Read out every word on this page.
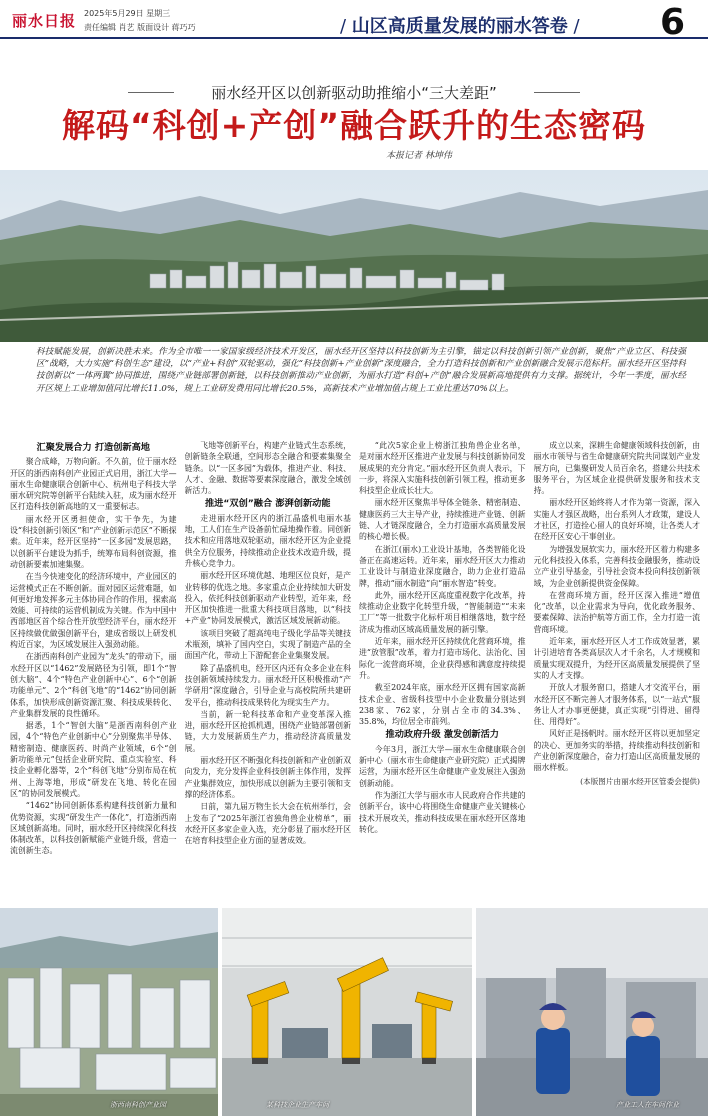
丽水日报 2025年5月29日 星期三
责任编辑 肖艺 版面设计 蒋巧巧	/ 山区高质量发展的丽水答卷 / 6
丽水经开区以创新驱动助推缩小“三大差距”
解码“科创+产创”融合跃升的生态密码
本报记者 林坤伟
科技赋能发展，创新决胜未来。作为全市唯一一家国家级经济技术开发区，丽水经开区坚持以科技创新为主引擎，锚定以科技创新引领产业创新，聚焦“产业立区、科技强区”战略，大力实施“科创生态”建设，以“产业+科创”双轮驱动，强化“科技创新+产业创新”深度融合，全力打造科技创新和产业创新融合发展示范标杆。丽水经开区坚持科技创新以“一体两翼”协同推进，围绕产业链部署创新链，以科技创新推动产业创新，为丽水打造“科创+产创”融合发展新高地提供有力支撑。据统计，今年一季度，丽水经开区规上工业增加值同比增长11.0%，规上工业研发费用同比增长20.5%，高新技术产业增加值占规上工业比重达70%以上。
汇聚发展合力 打造创新高地

聚合成峰，万物向新。不久前，位于丽水经开区的浙西南科创产业园正式启用，浙江大学—丽水生命健康联合创新中心、杭州电子科技大学丽水研究院等创新平台陆续入驻，成为丽水经开区打造科技创新高地的又一重要标志。

丽水经开区勇担使命，实干争先，为建设“科技创新引领区”和“产业创新示范区”不断探索。近年来，经开区坚持“一区多园”发展思路，以创新平台建设为抓手，统筹布局科创资源，推动创新要素加速集聚。

在当今快速变化的经济环境中，产业园区的运营模式正在不断创新。面对园区运营难题，如何更好地发挥多元主体协同合作的作用，探索高效能、可持续的运营机制成为关键。作为中国中西部地区首个综合性开放型经济平台，丽水经开区持续做优做强创新平台，建成省级以上研发机构近百家，为区域发展注入强劲动能。

在浙西南科创产业园为“龙头”的带动下，丽水经开区以“1462”发展路径为引领，即1个“智创大脑”、4个“特色产业创新中心”、6个“创新功能单元”、2个“科创飞地”的“1462”协同创新体系，加快形成创新资源汇聚、科技成果转化、产业集群发展的良性循环。

据悉，1个“智创大脑”是浙西南科创产业园，4个“特色产业创新中心”分别聚焦半导体、精密制造、健康医药、时尚产业领域，6个“创新功能单元”包括企业研究院、重点实验室、科技企业孵化器等，2个“科创飞地”分别布局在杭州、上海等地，形成“研发在飞地、转化在园区”的协同发展模式。

“1462”协同创新体系构建科技创新力量和优势资源，实现“研发生产一体化”，打造浙西南区域创新高地。同时，丽水经开区持续深化科技体制改革，以科技创新赋能产业链升级，营造一流创新生态。

飞地等创新平台，构建产业链式生态系统，创新链条全联通，空间形态全融合和要素集聚全链条。以“一区多园”为载体，推进产业、科技、人才、金融、数据等要素深度融合，激发全域创新活力。

推进“双创”融合 澎湃创新动能

走进丽水经开区内的浙江晶盛机电丽水基地，工人们在生产设备前忙碌地操作着。同创新技术和应用落地双轮驱动，丽水经开区为企业提供全方位服务，持续推动企业技术改造升级，提升核心竞争力。

丽水经开区环境优越、地理区位良好，是产业转移的优选之地。多家重点企业持续加大研发投入，依托科技创新驱动产业转型，近年来，经开区加快推进一批重大科技项目落地，以“科技+产业”协同发展模式，激活区域发展新动能。

该项目突破了超高纯电子级化学品等关键技术瓶颈，填补了国内空白，实现了制造产品的全面国产化，带动上下游配套企业集聚发展。

除了晶盛机电，经开区内还有众多企业在科技创新领域持续发力。丽水经开区积极推动“产学研用”深度融合，引导企业与高校院所共建研发平台，推动科技成果转化为现实生产力。

当前，新一轮科技革命和产业变革深入推进，丽水经开区抢抓机遇，围绕产业链部署创新链，大力发展新质生产力，推动经济高质量发展。

丽水经开区不断强化科技创新和产业创新双向发力，充分发挥企业科技创新主体作用，发挥产业集群效应，加快形成以创新为主要引领和支撑的经济体系。

日前，第九届万物生长大会在杭州举行，会上发布了“2025年浙江省独角兽企业榜单”，丽水经开区多家企业入选，充分彰显了丽水经开区在培育科技型企业方面的显著成效。

“此次5家企业上榜浙江独角兽企业名单，是对丽水经开区推进产业发展与科技创新协同发展成果的充分肯定。”丽水经开区负责人表示，下一步，将深入实施科技创新引领工程，推动更多科技型企业成长壮大。

丽水经开区聚焦半导体全链条、精密制造、健康医药三大主导产业，持续推进产业链、创新链、人才链深度融合，全力打造丽水高质量发展的核心增长极。

在浙江(丽水)工业设计基地，各类智能化设备正在高速运转。近年来，丽水经开区大力推动工业设计与制造业深度融合，助力企业打造品牌，推动“丽水制造”向“丽水智造”转变。

此外，丽水经开区高度重视数字化改革，持续推动企业数字化转型升级，“智能制造”“未来工厂”等一批数字化标杆项目相继落地，数字经济成为推动区域高质量发展的新引擎。

近年来，丽水经开区持续优化营商环境，推进“放管服”改革，着力打造市场化、法治化、国际化一流营商环境，企业获得感和满意度持续提升。

截至2024年底，丽水经开区拥有国家高新技术企业、省级科技型中小企业数量分别达到238家、762家，分别占全市的34.3%、35.8%，均位居全市前列。

推动政府升级 激发创新活力

今年3月，浙江大学—丽水生命健康联合创新中心（丽水市生命健康产业研究院）正式揭牌运营，为丽水经开区生命健康产业发展注入强劲创新动能。

作为浙江大学与丽水市人民政府合作共建的创新平台，该中心将围绕生命健康产业关键核心技术开展攻关，推动科技成果在丽水经开区落地转化。

成立以来，深耕生命健康领域科技创新，由丽水市领导与省生命健康研究院共同谋划产业发展方向，已集聚研发人员百余名，搭建公共技术服务平台，为区域企业提供研发服务和技术支持。

丽水经开区始终将人才作为第一资源，深入实施人才强区战略，出台系列人才政策，建设人才社区，打造拴心留人的良好环境，让各类人才在经开区安心干事创业。

为增强发展软实力，丽水经开区着力构建多元化科技投入体系，完善科技金融服务，推动设立产业引导基金，引导社会资本投向科技创新领域，为企业创新提供资金保障。

在营商环境方面，经开区深入推进“增值化”改革，以企业需求为导向，优化政务服务、要素保障、法治护航等方面工作，全力打造一流营商环境。

近年来，丽水经开区人才工作成效显著，累计引进培育各类高层次人才千余名，人才规模和质量实现双提升，为经开区高质量发展提供了坚实的人才支撑。

开放人才服务窗口，搭建人才交流平台，丽水经开区不断完善人才服务体系，以“一站式”服务让人才办事更便捷，真正实现“引得进、留得住、用得好”。

风好正是扬帆时。丽水经开区将以更加坚定的决心、更加务实的举措，持续推动科技创新和产业创新深度融合，奋力打造山区高质量发展的丽水样板。

(本版图片由丽水经开区管委会提供)
浙西南科创产业园	某科技企业生产车间	产业工人在车间作业
